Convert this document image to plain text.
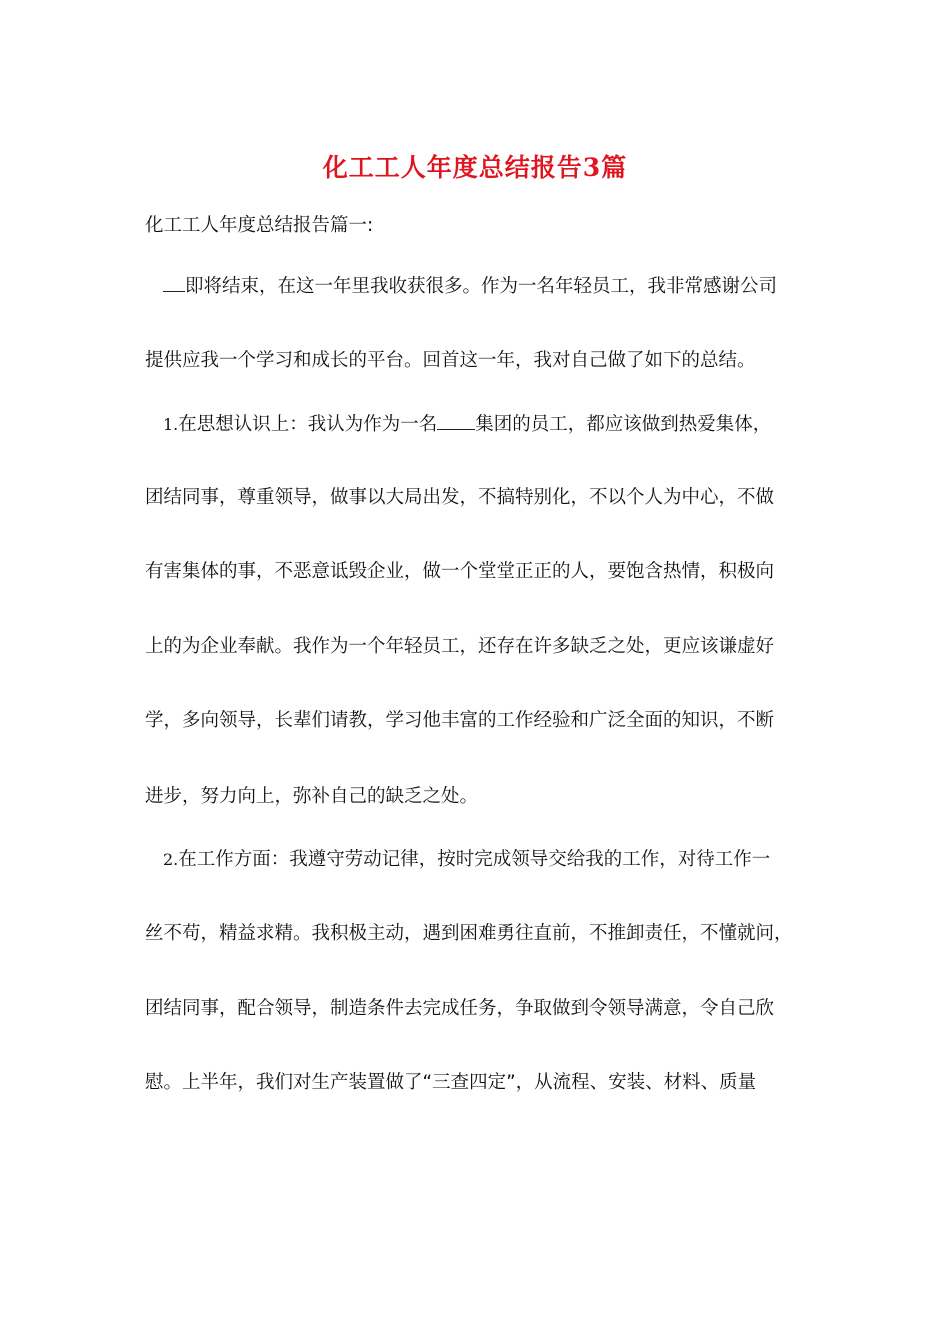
化工工人年度总结报告3篇
化工工人年度总结报告篇一:
即将结束，在这一年里我收获很多。作为一名年轻员工，我非常感谢公司
提供应我一个学习和成长的平台。回首这一年，我对自己做了如下的总结。
1.在思想认识上：我认为作为一名 集团的员工，都应该做到热爱集体，
团结同事，尊重领导，做事以大局出发，不搞特别化，不以个人为中心，不做
有害集体的事，不恶意诋毁企业，做一个堂堂正正的人，要饱含热情，积极向
上的为企业奉献。我作为一个年轻员工，还存在许多缺乏之处，更应该谦虚好
学，多向领导，长辈们请教，学习他丰富的工作经验和广泛全面的知识，不断
进步，努力向上，弥补自己的缺乏之处。
2.在工作方面：我遵守劳动记律，按时完成领导交给我的工作，对待工作一
丝不苟，精益求精。我积极主动，遇到困难勇往直前，不推卸责任，不懂就问，
团结同事，配合领导，制造条件去完成任务，争取做到令领导满意，令自己欣
慰。上半年，我们对生产装置做了“三查四定”，从流程、安装、材料、质量
